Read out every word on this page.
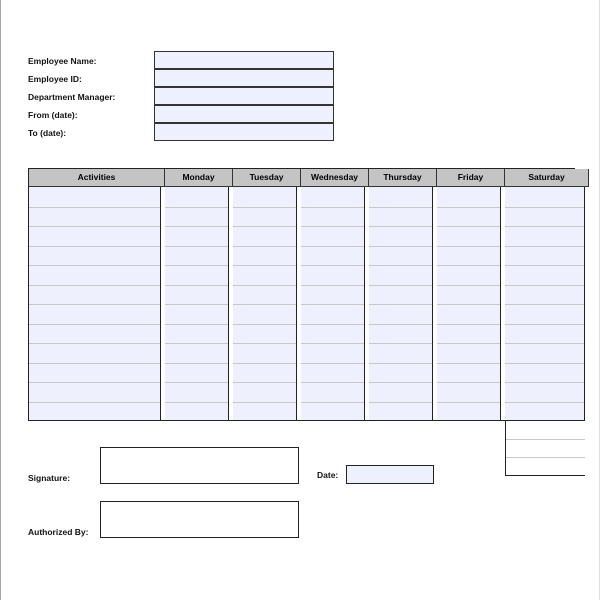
Employee Name:
Employee ID:
Department Manager:
From (date):
To (date):
Activities	Monday	Tuesday	Wednesday	Thursday	Friday	Saturday
Signature:	Date:
Authorized By:
